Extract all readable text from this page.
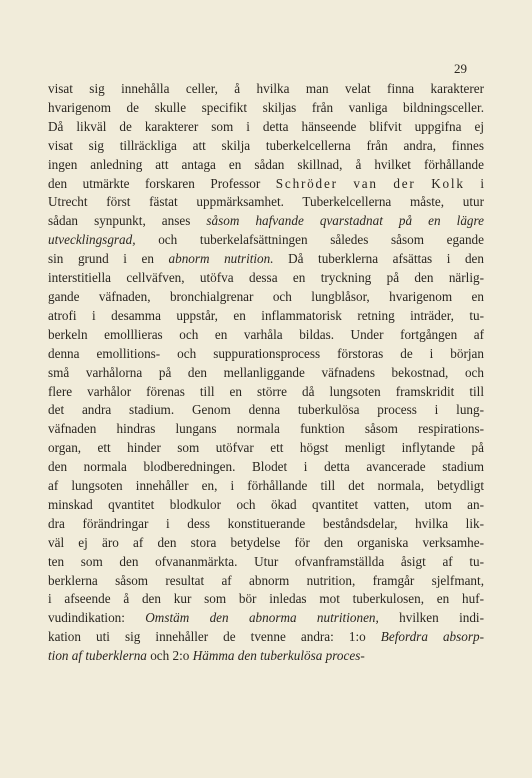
29
visat sig innehålla celler, å hvilka man velat finna karakterer
hvarigenom de skulle specifikt skiljas från vanliga bildningsceller.
Då likväl de karakterer som i detta hänseende blifvit uppgifna ej
visat sig tillräckliga att skilja tuberkelcellerna från andra, finnes
ingen anledning att antaga en sådan skillnad, å hvilket förhållande
den utmärkte forskaren Professor Schröder van der Kolk i
Utrecht först fästat uppmärksamhet. Tuberkelcellerna måste, utur
sådan synpunkt, anses såsom hafvande qvarstadnat på en lägre
utvecklingsgrad, och tuberkelafsättningen således såsom egande
sin grund i en abnorm nutrition. Då tuberklerna afsättas i den
interstitiella cellväfven, utöfva dessa en tryckning på den närlig-
gande väfnaden, bronchialgrenar och lungblåsor, hvarigenom en
atrofi i desamma uppstår, en inflammatorisk retning inträder, tu-
berkeln emolllieras och en varhåla bildas. Under fortgången af
denna emollitions- och suppurationsprocess förstoras de i början
små varhålorna på den mellanliggande väfnadens bekostnad, och
flere varhålor förenas till en större då lungsoten framskridit till
det andra stadium. Genom denna tuberkulösa process i lung-
väfnaden hindras lungans normala funktion såsom respirations-
organ, ett hinder som utöfvar ett högst menligt inflytande på
den normala blodberedningen. Blodet i detta avancerade stadium
af lungsoten innehåller en, i förhållande till det normala, betydligt
minskad qvantitet blodkulor och ökad qvantitet vatten, utom an-
dra förändringar i dess konstituerande beståndsdelar, hvilka lik-
väl ej äro af den stora betydelse för den organiska verksamhe-
ten som den ofvananmärkta. Utur ofvanframställda åsigt af tu-
berklerna såsom resultat af abnorm nutrition, framgår sjelfmant,
i afseende å den kur som bör inledas mot tuberkulosen, en huf-
vudindikation: Omstäm den abnorma nutritionen, hvilken indi-
kation uti sig innehåller de tvenne andra: 1:o Befordra absorp-
tion af tuberklerna och 2:o Hämma den tuberkulösa proces-
